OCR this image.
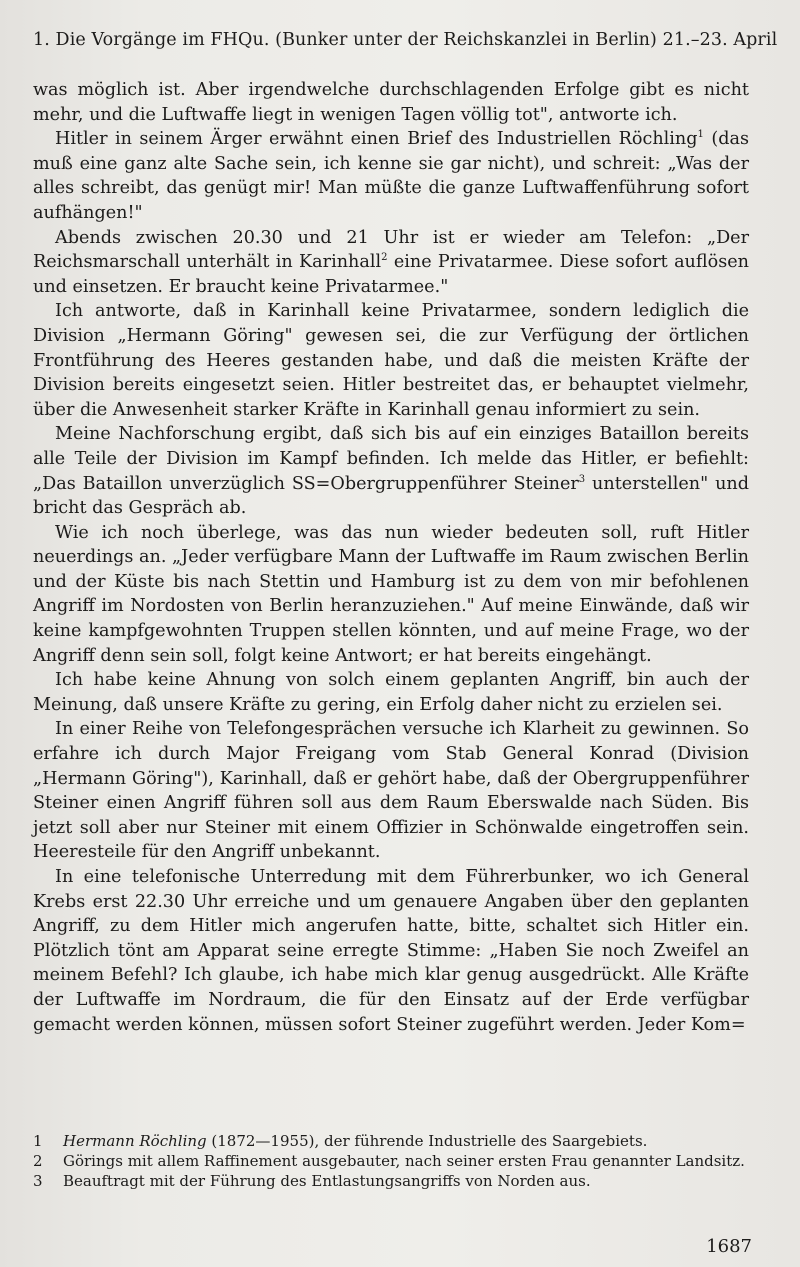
1. Die Vorgänge im FHQu. (Bunker unter der Reichskanzlei in Berlin) 21.–23. April

was möglich ist. Aber irgendwelche durchschlagenden Erfolge gibt es nicht mehr, und die Luftwaffe liegt in wenigen Tagen völlig tot", antworte ich.

Hitler in seinem Ärger erwähnt einen Brief des Industriellen Röchling$^1$ (das muß eine ganz alte Sache sein, ich kenne sie gar nicht), und schreit: „Was der alles schreibt, das genügt mir! Man müßte die ganze Luftwaffenführung sofort aufhängen!"

Abends zwischen 20.30 und 21 Uhr ist er wieder am Telefon: „Der Reichsmarschall unterhält in Karinhall$^2$ eine Privatarmee. Diese sofort auflösen und einsetzen. Er braucht keine Privatarmee."

Ich antworte, daß in Karinhall keine Privatarmee, sondern lediglich die Division „Hermann Göring" gewesen sei, die zur Verfügung der örtlichen Frontführung des Heeres gestanden habe, und daß die meisten Kräfte der Division bereits eingesetzt seien. Hitler bestreitet das, er behauptet vielmehr, über die Anwesenheit starker Kräfte in Karinhall genau informiert zu sein.

Meine Nachforschung ergibt, daß sich bis auf ein einziges Bataillon bereits alle Teile der Division im Kampf befinden. Ich melde das Hitler, er befiehlt: „Das Bataillon unverzüglich SS=Obergruppenführer Steiner$^3$ unterstellen" und bricht das Gespräch ab.

Wie ich noch überlege, was das nun wieder bedeuten soll, ruft Hitler neuerdings an. „Jeder verfügbare Mann der Luftwaffe im Raum zwischen Berlin und der Küste bis nach Stettin und Hamburg ist zu dem von mir befohlenen Angriff im Nordosten von Berlin heranzuziehen." Auf meine Einwände, daß wir keine kampfgewohnten Truppen stellen könnten, und auf meine Frage, wo der Angriff denn sein soll, folgt keine Antwort; er hat bereits eingehängt.

Ich habe keine Ahnung von solch einem geplanten Angriff, bin auch der Meinung, daß unsere Kräfte zu gering, ein Erfolg daher nicht zu erzielen sei.

In einer Reihe von Telefongesprächen versuche ich Klarheit zu gewinnen. So erfahre ich durch Major Freigang vom Stab General Konrad (Division „Hermann Göring"), Karinhall, daß er gehört habe, daß der Obergruppenführer Steiner einen Angriff führen soll aus dem Raum Eberswalde nach Süden. Bis jetzt soll aber nur Steiner mit einem Offizier in Schönwalde eingetroffen sein. Heeresteile für den Angriff unbekannt.

In eine telefonische Unterredung mit dem Führerbunker, wo ich General Krebs erst 22.30 Uhr erreiche und um genauere Angaben über den geplanten Angriff, zu dem Hitler mich angerufen hatte, bitte, schaltet sich Hitler ein. Plötzlich tönt am Apparat seine erregte Stimme: „Haben Sie noch Zweifel an meinem Befehl? Ich glaube, ich habe mich klar genug ausgedrückt. Alle Kräfte der Luftwaffe im Nordraum, die für den Einsatz auf der Erde verfügbar gemacht werden können, müssen sofort Steiner zugeführt werden. Jeder Kom=

1	Hermann Röchling (1872—1955), der führende Industrielle des Saargebiets.
2	Görings mit allem Raffinement ausgebauter, nach seiner ersten Frau genannter Landsitz.
3	Beauftragt mit der Führung des Entlastungsangriffs von Norden aus.
1687
